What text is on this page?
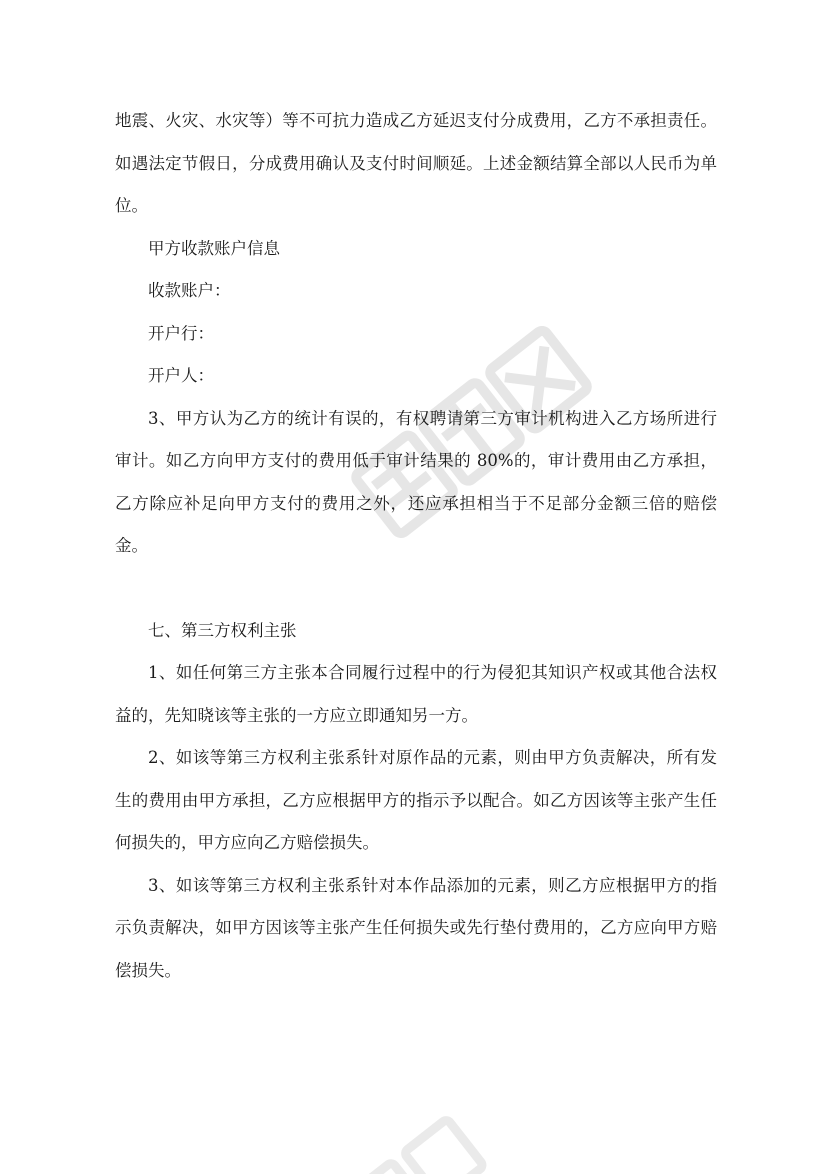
地震、火灾、水灾等）等不可抗力造成乙方延迟支付分成费用，乙方不承担责任。如遇法定节假日，分成费用确认及支付时间顺延。上述金额结算全部以人民币为单位。

甲方收款账户信息

收款账户：

开户行：

开户人：

3、甲方认为乙方的统计有误的，有权聘请第三方审计机构进入乙方场所进行审计。如乙方向甲方支付的费用低于审计结果的 80%的，审计费用由乙方承担，乙方除应补足向甲方支付的费用之外，还应承担相当于不足部分金额三倍的赔偿金。

七、第三方权利主张

1、如任何第三方主张本合同履行过程中的行为侵犯其知识产权或其他合法权益的，先知晓该等主张的一方应立即通知另一方。

2、如该等第三方权利主张系针对原作品的元素，则由甲方负责解决，所有发生的费用由甲方承担，乙方应根据甲方的指示予以配合。如乙方因该等主张产生任何损失的，甲方应向乙方赔偿损失。

3、如该等第三方权利主张系针对本作品添加的元素，则乙方应根据甲方的指示负责解决，如甲方因该等主张产生任何损失或先行垫付费用的，乙方应向甲方赔偿损失。
